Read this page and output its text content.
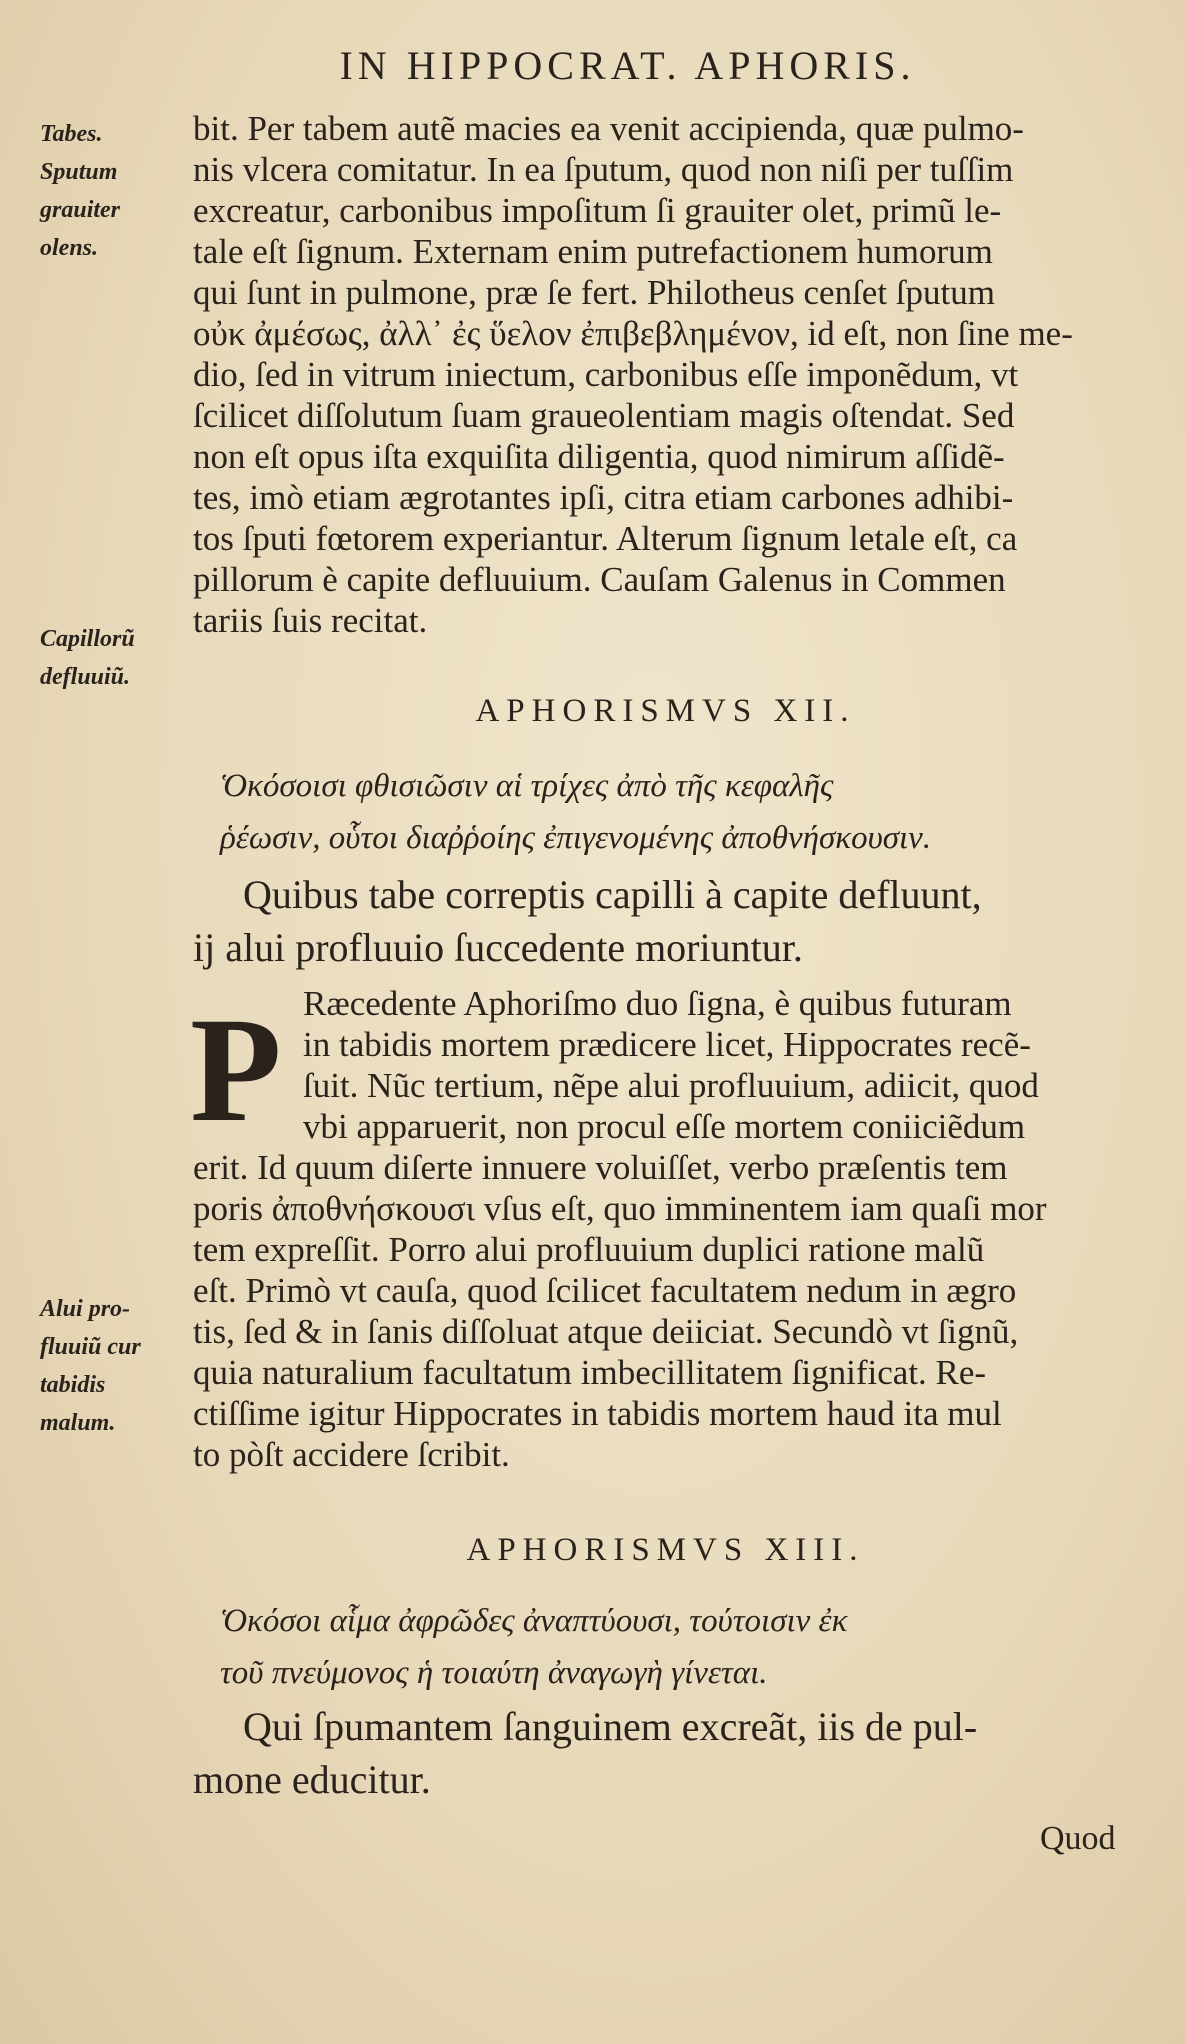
IN HIPPOCRAT. APHORIS.
Tabes.
Sputum
grauiter
olens.
bit. Per tabem autẽ macies ea venit accipienda, quæ pulmo-
nis vlcera comitatur. In ea ſputum, quod non niſi per tuſſim
excreatur, carbonibus impoſitum ſi grauiter olet, primũ le-
tale eſt ſignum. Externam enim putrefactionem humorum
qui ſunt in pulmone, præ ſe fert. Philotheus cenſet ſputum
οὐκ ἀμέσως, ἀλλ᾽ ἐς ὕελον ἐπιβεβλημένον, id eſt, non ſine me-
dio, ſed in vitrum iniectum, carbonibus eſſe imponẽdum, vt
ſcilicet diſſolutum ſuam graueolentiam magis oſtendat. Sed
non eſt opus iſta exquiſita diligentia, quod nimirum aſſidẽ-
tes, imò etiam ægrotantes ipſi, citra etiam carbones adhibi-
tos ſputi fœtorem experiantur. Alterum ſignum letale eſt, ca
pillorum è capite defluuium. Cauſam Galenus in Commen
tariis ſuis recitat.
Capillorũ
defluuiũ.
APHORISMVS XII.
Ὁκόσοισι φθισιῶσιν αἱ τρίχες ἀπὸ τῆς κεφαλῆς
ῥέωσιν, οὗτοι διαῤῥοίης ἐπιγενομένης ἀποθνήσκουσιν.
Quibus tabe correptis capilli à capite defluunt,
ij alui profluuio ſuccedente moriuntur.
P Ræcedente Aphoriſmo duo ſigna, è quibus futuram
in tabidis mortem prædicere licet, Hippocrates recẽ-
ſuit. Nũc tertium, nẽpe alui profluuium, adiicit, quod
vbi apparuerit, non procul eſſe mortem coniiciẽdum
erit. Id quum diſerte innuere voluiſſet, verbo præſentis tem
poris ἀποθνήσκουσι vſus eſt, quo imminentem iam quaſi mor
tem expreſſit. Porro alui profluuium duplici ratione malũ
eſt. Primò vt cauſa, quod ſcilicet facultatem nedum in ægro
tis, ſed & in ſanis diſſoluat atque deiiciat. Secundò vt ſignũ,
quia naturalium facultatum imbecillitatem ſignificat. Re-
ctiſſime igitur Hippocrates in tabidis mortem haud ita mul
to pòſt accidere ſcribit.
Alui pro-
fluuiũ cur
tabidis
malum.
APHORISMVS XIII.
Ὁκόσοι αἷμα ἀφρῶδες ἀναπτύουσι, τούτοισιν ἐκ
τοῦ πνεύμονος ἡ τοιαύτη ἀναγωγὴ γίνεται.
Qui ſpumantem ſanguinem excreãt, iis de pul-
mone educitur.
Quod
